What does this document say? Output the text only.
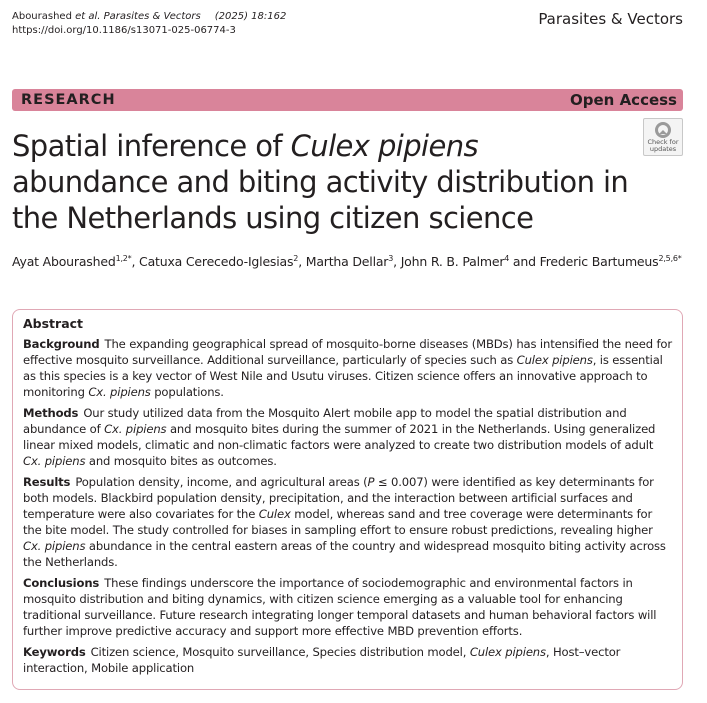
Abourashed et al. Parasites & Vectors (2025) 18:162
https://doi.org/10.1186/s13071-025-06774-3
Parasites & Vectors
RESEARCH	Open Access
Check for
updates
Spatial inference of Culex pipiens abundance and biting activity distribution in the Netherlands using citizen science
Ayat Abourashed$^{1,2*}$, Catuxa Cerecedo-Iglesias$^2$, Martha Dellar$^3$, John R. B. Palmer$^4$ and Frederic Bartumeus$^{2,5,6*}$
Abstract
Background The expanding geographical spread of mosquito-borne diseases (MBDs) has intensified the need for effective mosquito surveillance. Additional surveillance, particularly of species such as Culex pipiens, is essential as this species is a key vector of West Nile and Usutu viruses. Citizen science offers an innovative approach to monitoring Cx. pipiens populations.
Methods Our study utilized data from the Mosquito Alert mobile app to model the spatial distribution and abundance of Cx. pipiens and mosquito bites during the summer of 2021 in the Netherlands. Using generalized linear mixed models, climatic and non-climatic factors were analyzed to create two distribution models of adult Cx. pipiens and mosquito bites as outcomes.
Results Population density, income, and agricultural areas (P ≤ 0.007) were identified as key determinants for both models. Blackbird population density, precipitation, and the interaction between artificial surfaces and temperature were also covariates for the Culex model, whereas sand and tree coverage were determinants for the bite model. The study controlled for biases in sampling effort to ensure robust predictions, revealing higher Cx. pipiens abundance in the central eastern areas of the country and widespread mosquito biting activity across the Netherlands.
Conclusions These findings underscore the importance of sociodemographic and environmental factors in mosquito distribution and biting dynamics, with citizen science emerging as a valuable tool for enhancing traditional surveillance. Future research integrating longer temporal datasets and human behavioral factors will further improve predictive accuracy and support more effective MBD prevention efforts.
Keywords Citizen science, Mosquito surveillance, Species distribution model, Culex pipiens, Host–vector interaction, Mobile application
